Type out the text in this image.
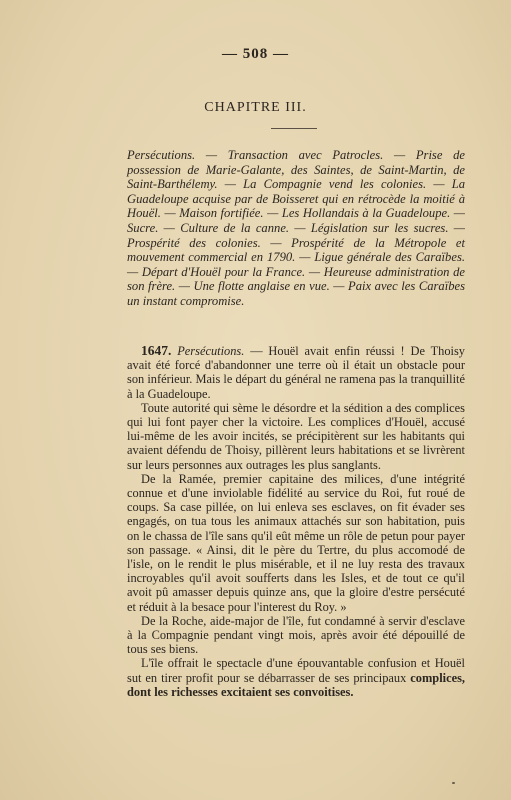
— 508 —
CHAPITRE III.

Persécutions. — Transaction avec Patrocles. — Prise de possession de Marie-Galante, des Saintes, de Saint-Martin, de Saint-Barthélemy. — La Compagnie vend les colonies. — La Guadeloupe acquise par de Boisseret qui en rétrocède la moitié à Houël. — Maison fortifiée. — Les Hollandais à la Guadeloupe. — Sucre. — Culture de la canne. — Législation sur les sucres. — Prospérité des colonies. — Prospérité de la Métropole et mouvement commercial en 1790. — Ligue générale des Caraïbes. — Départ d'Houël pour la France. — Heureuse administration de son frère. — Une flotte anglaise en vue. — Paix avec les Caraïbes un instant compromise.

1647. Persécutions. — Houël avait enfin réussi ! De Thoisy avait été forcé d'abandonner une terre où il était un obstacle pour son inférieur. Mais le départ du général ne ramena pas la tranquillité à la Guadeloupe.

Toute autorité qui sème le désordre et la sédition a des complices qui lui font payer cher la victoire. Les complices d'Houël, accusé lui-même de les avoir incités, se précipitèrent sur les habitants qui avaient défendu de Thoisy, pillèrent leurs habitations et se livrèrent sur leurs personnes aux outrages les plus sanglants.

De la Ramée, premier capitaine des milices, d'une intégrité connue et d'une inviolable fidélité au service du Roi, fut roué de coups. Sa case pillée, on lui enleva ses esclaves, on fit évader ses engagés, on tua tous les animaux attachés sur son habitation, puis on le chassa de l'île sans qu'il eût même un rôle de petun pour payer son passage. « Ainsi, dit le père du Tertre, du plus accomodé de l'isle, on le rendit le plus misérable, et il ne luy resta des travaux incroyables qu'il avoit soufferts dans les Isles, et de tout ce qu'il avoit pû amasser depuis quinze ans, que la gloire d'estre persécuté et réduit à la besace pour l'interest du Roy. »

De la Roche, aide-major de l'île, fut condamné à servir d'esclave à la Compagnie pendant vingt mois, après avoir été dépouillé de tous ses biens.

L'île offrait le spectacle d'une épouvantable confusion et Houël sut en tirer profit pour se débarrasser de ses principaux complices, dont les richesses excitaient ses convoitises.
